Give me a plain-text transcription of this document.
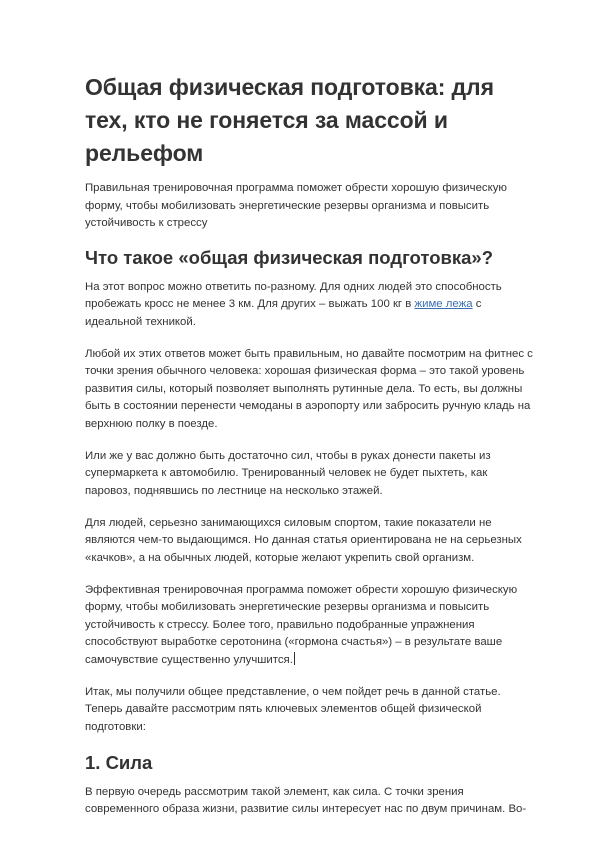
Общая физическая подготовка: для тех, кто не гоняется за массой и рельефом

Правильная тренировочная программа поможет обрести хорошую физическую форму, чтобы мобилизовать энергетические резервы организма и повысить устойчивость к стрессу

Что такое «общая физическая подготовка»?

На этот вопрос можно ответить по-разному. Для одних людей это способность пробежать кросс не менее 3 км. Для других – выжать 100 кг в жиме лежа с идеальной техникой.

Любой их этих ответов может быть правильным, но давайте посмотрим на фитнес с точки зрения обычного человека: хорошая физическая форма – это такой уровень развития силы, который позволяет выполнять рутинные дела. То есть, вы должны быть в состоянии перенести чемоданы в аэропорту или забросить ручную кладь на верхнюю полку в поезде.

Или же у вас должно быть достаточно сил, чтобы в руках донести пакеты из супермаркета к автомобилю. Тренированный человек не будет пыхтеть, как паровоз, поднявшись по лестнице на несколько этажей.

Для людей, серьезно занимающихся силовым спортом, такие показатели не являются чем-то выдающимся. Но данная статья ориентирована не на серьезных «качков», а на обычных людей, которые желают укрепить свой организм.

Эффективная тренировочная программа поможет обрести хорошую физическую форму, чтобы мобилизовать энергетические резервы организма и повысить устойчивость к стрессу. Более того, правильно подобранные упражнения способствуют выработке серотонина («гормона счастья») – в результате ваше самочувствие существенно улучшится.

Итак, мы получили общее представление, о чем пойдет речь в данной статье. Теперь давайте рассмотрим пять ключевых элементов общей физической подготовки:

1. Сила

В первую очередь рассмотрим такой элемент, как сила. С точки зрения современного образа жизни, развитие силы интересует нас по двум причинам. Во-
